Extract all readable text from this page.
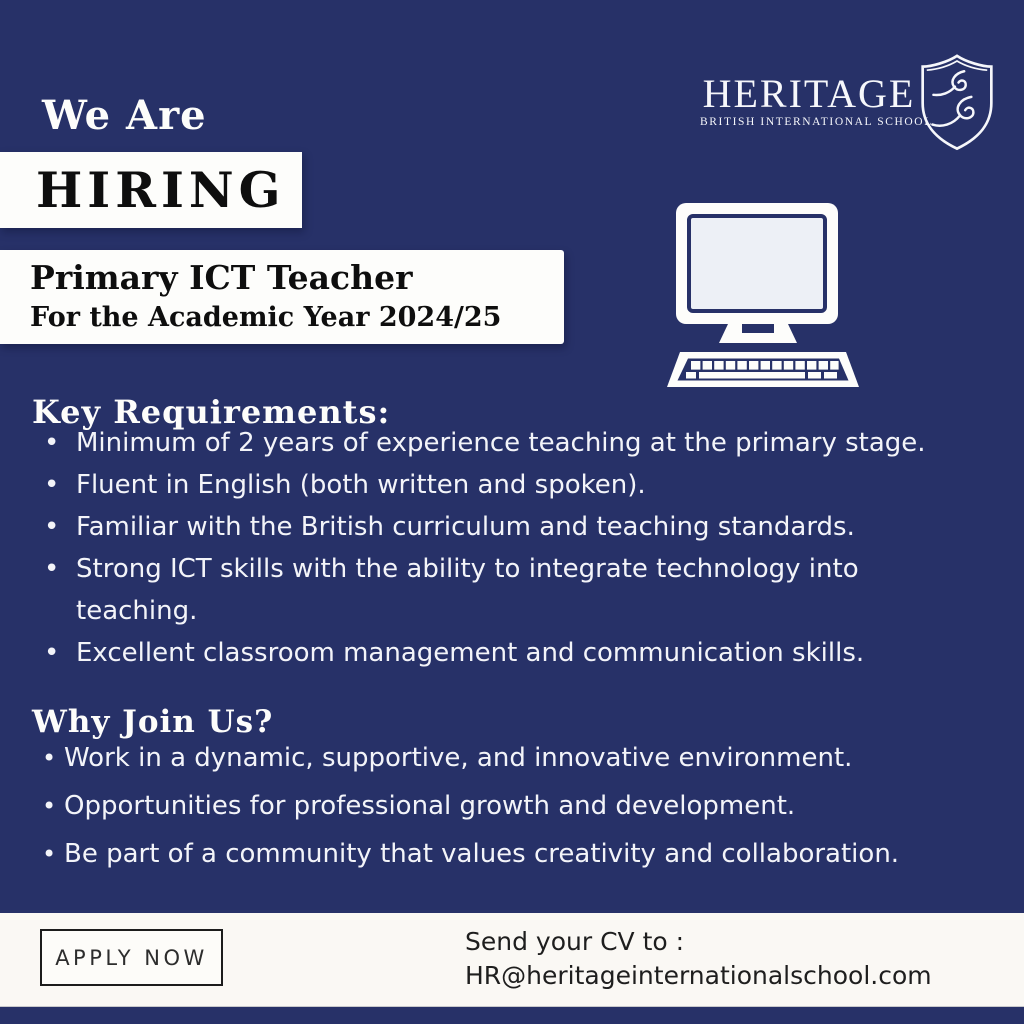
We Are
HIRING
Primary ICT Teacher
For the Academic Year 2024/25
HERITAGE
BRITISH INTERNATIONAL SCHOOL
Key Requirements:
• Minimum of 2 years of experience teaching at the primary stage.
• Fluent in English (both written and spoken).
• Familiar with the British curriculum and teaching standards.
• Strong ICT skills with the ability to integrate technology into teaching.
• Excellent classroom management and communication skills.
Why Join Us?
• Work in a dynamic, supportive, and innovative environment.
• Opportunities for professional growth and development.
• Be part of a community that values creativity and collaboration.
APPLY NOW
Send your CV to :
HR@heritageinternationalschool.com
